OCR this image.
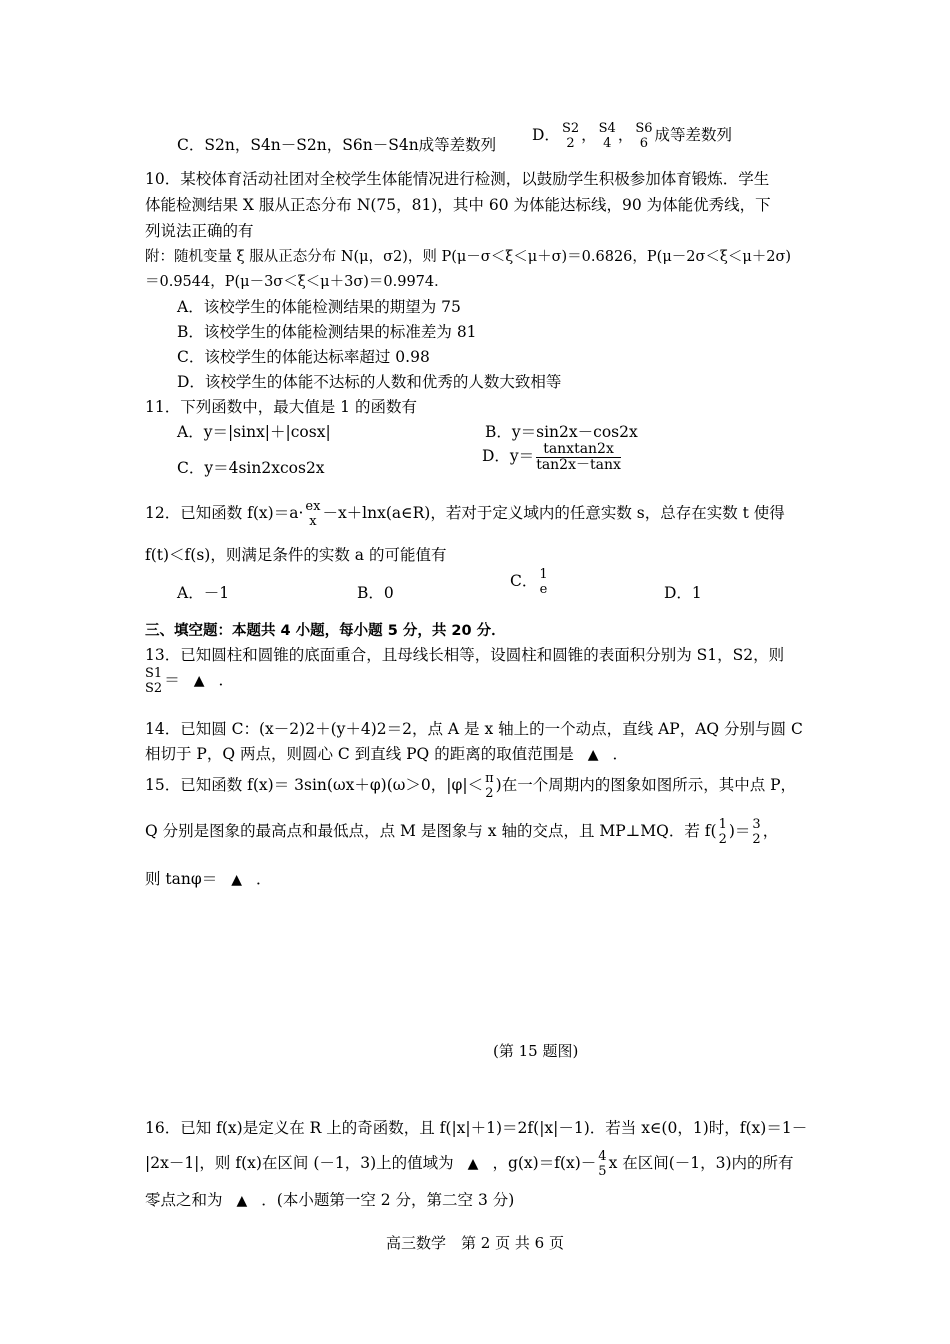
C．S2n，S4n－S2n，S6n－S4n成等差数列
D． S2
2 ， S4
4 ， S6
6 成等差数列
10．某校体育活动社团对全校学生体能情况进行检测，以鼓励学生积极参加体育锻炼．学生
体能检测结果 X 服从正态分布 N(75，81)，其中 60 为体能达标线，90 为体能优秀线，下
列说法正确的有
附：随机变量 ξ 服从正态分布 N(μ，σ2)，则 P(μ－σ＜ξ＜μ＋σ)＝0.6826，P(μ－2σ＜ξ＜μ＋2σ)
＝0.9544，P(μ－3σ＜ξ＜μ＋3σ)＝0.9974．
A．该校学生的体能检测结果的期望为 75
B．该校学生的体能检测结果的标准差为 81
C．该校学生的体能达标率超过 0.98
D．该校学生的体能不达标的人数和优秀的人数大致相等
11．下列函数中，最大值是 1 的函数有
A．y＝|sinx|＋|cosx|	B．y＝sin2x－cos2x
C．y＝4sin2xcos2x
D．$y= \frac{\text{tanxtan2x}}{\tan 2x-\tan x}$
12．已知函数 f(x)＝a· ex
x －x＋lnx(a∈R)，若对于定义域内的任意实数 s，总存在实数 t 使得
f(t)＜f(s)，则满足条件的实数 a 的可能值有
A．－1	B．0
C． 1
e	D．1
三、填空题：本题共 4 小题，每小题 5 分，共 20 分．
13．已知圆柱和圆锥的底面重合，且母线长相等，设圆柱和圆锥的表面积分别为 S1，S2，则
S1
S2 ＝ ▲ ．
14．已知圆 C：(x－2)2＋(y＋4)2＝2，点 A 是 x 轴上的一个动点，直线 AP，AQ 分别与圆 C
相切于 P，Q 两点，则圆心 C 到直线 PQ 的距离的取值范围是 ▲ ．
15．已知函数 f(x)＝ 3sin(ωx＋φ)(ω＞0，|φ|＜ π
2 )在一个周期内的图象如图所示，其中点 P，
Q 分别是图象的最高点和最低点，点 M 是图象与 x 轴的交点，且 MP⊥MQ．若 f( 1
2 )＝ 3
2 ，
则 tanφ＝ ▲ ．
(第 15 题图)
16．已知 f(x)是定义在 R 上的奇函数，且 f(|x|＋1)＝2f(|x|－1)．若当 x∈(0，1)时，f(x)＝1－
|2x－1|，则 f(x)在区间 (－1，3)上的值域为 ▲ ，g(x)＝f(x)－ 4
5 x 在区间(－1，3)内的所有
零点之和为 ▲ ．(本小题第一空 2 分，第二空 3 分)
高三数学　第 2 页 共 6 页
